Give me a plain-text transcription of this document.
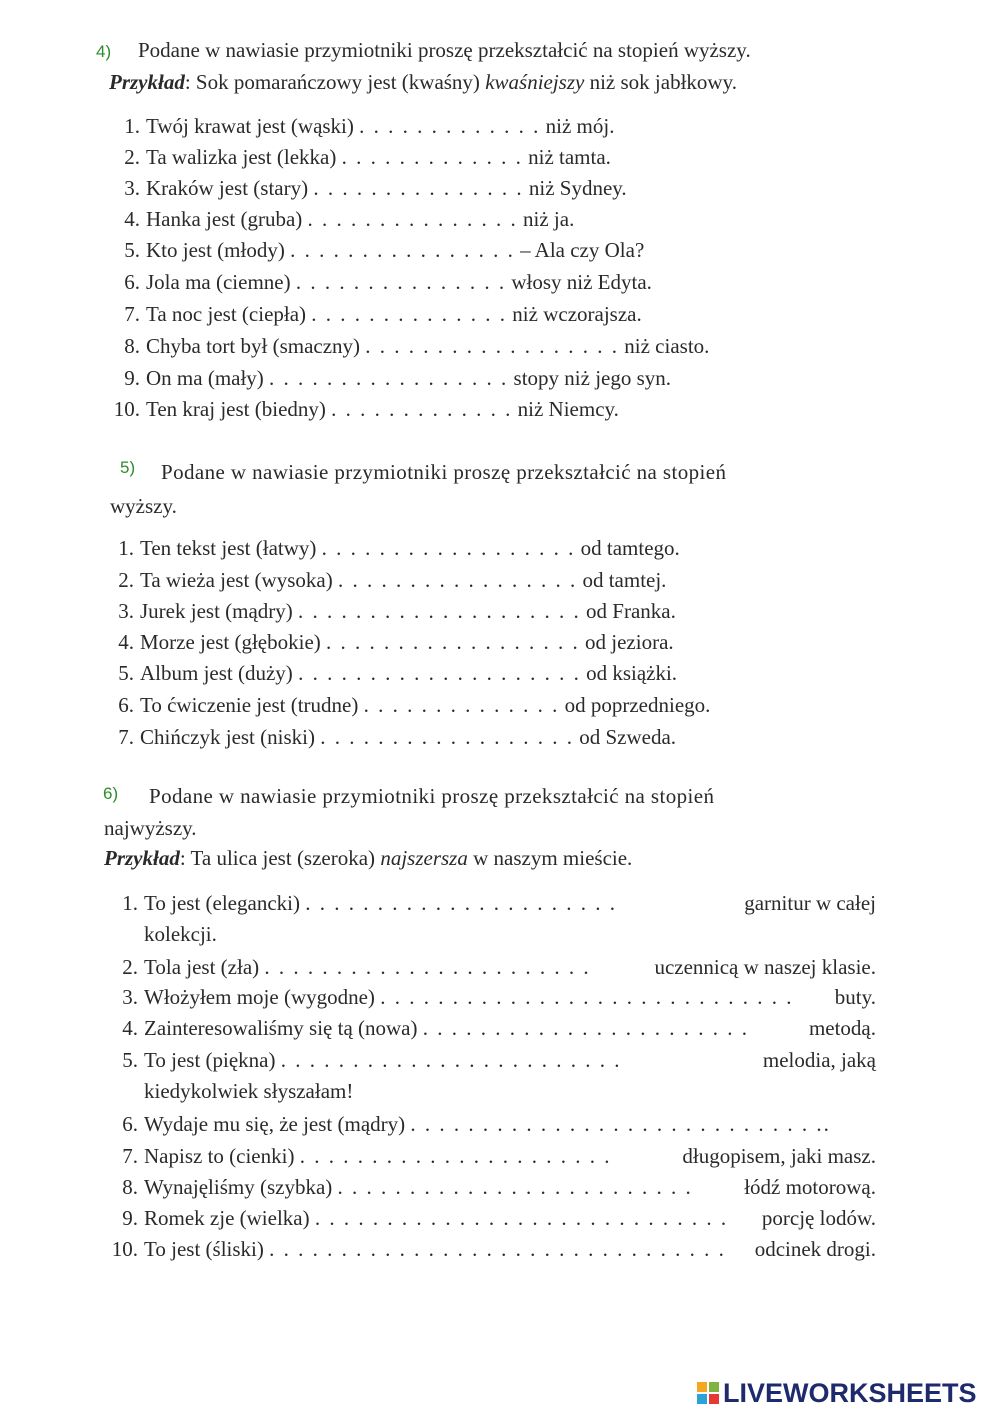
4) Podane w nawiasie przymiotniki proszę przekształcić na stopień wyższy.
Przykład: Sok pomarańczowy jest (kwaśny) kwaśniejszy niż sok jabłkowy.
1. Twój krawat jest (wąski) . . . . . . . . . . . . . niż mój.
2. Ta walizka jest (lekka) . . . . . . . . . . . . . niż tamta.
3. Kraków jest (stary) . . . . . . . . . . . . . . . niż Sydney.
4. Hanka jest (gruba) . . . . . . . . . . . . . . . niż ja.
5. Kto jest (młody) . . . . . . . . . . . . . . . . – Ala czy Ola?
6. Jola ma (ciemne) . . . . . . . . . . . . . . . włosy niż Edyta.
7. Ta noc jest (ciepła) . . . . . . . . . . . . . . niż wczorajsza.
8. Chyba tort był (smaczny) . . . . . . . . . . . . . . . . . . niż ciasto.
9. On ma (mały) . . . . . . . . . . . . . . . . . stopy niż jego syn.
10. Ten kraj jest (biedny) . . . . . . . . . . . . . niż Niemcy.
5) Podane w nawiasie przymiotniki proszę przekształcić na stopień
wyższy.
1. Ten tekst jest (łatwy) . . . . . . . . . . . . . . . . . . od tamtego.
2. Ta wieża jest (wysoka) . . . . . . . . . . . . . . . . . od tamtej.
3. Jurek jest (mądry) . . . . . . . . . . . . . . . . . . . . od Franka.
4. Morze jest (głębokie) . . . . . . . . . . . . . . . . . . od jeziora.
5. Album jest (duży) . . . . . . . . . . . . . . . . . . . . od książki.
6. To ćwiczenie jest (trudne) . . . . . . . . . . . . . . od poprzedniego.
7. Chińczyk jest (niski) . . . . . . . . . . . . . . . . . . od Szweda.
6) Podane w nawiasie przymiotniki proszę przekształcić na stopień
najwyższy.
Przykład: Ta ulica jest (szeroka) najszersza w naszym mieście.
1. To jest (elegancki) . . . . . . . . . . . . . . . . . . . . . .	garnitur w całej
kolekcji.
2. Tola jest (zła) . . . . . . . . . . . . . . . . . . . . . . .	uczennicą w naszej klasie.
3. Włożyłem moje (wygodne) . . . . . . . . . . . . . . . . . . . . . . . . . . . . . buty.
4. Zainteresowaliśmy się tą (nowa) . . . . . . . . . . . . . . . . . . . . . . .	metodą.
5. To jest (piękna) . . . . . . . . . . . . . . . . . . . . . . . .	melodia, jaką
kiedykolwiek słyszałam!
6. Wydaje mu się, że jest (mądry) . . . . . . . . . . . . . . . . . . . . . . . . . . . . ..
7. Napisz to (cienki) . . . . . . . . . . . . . . . . . . . . . .	długopisem, jaki masz.
8. Wynajęliśmy (szybka) . . . . . . . . . . . . . . . . . . . . . . . . . łódź motorową.
9. Romek zje (wielka) . . . . . . . . . . . . . . . . . . . . . . . . . . . . . porcję lodów.
10. To jest (śliski) . . . . . . . . . . . . . . . . . . . . . . . . . . . . . . . . odcinek drogi.
LIVEWORKSHEETS
